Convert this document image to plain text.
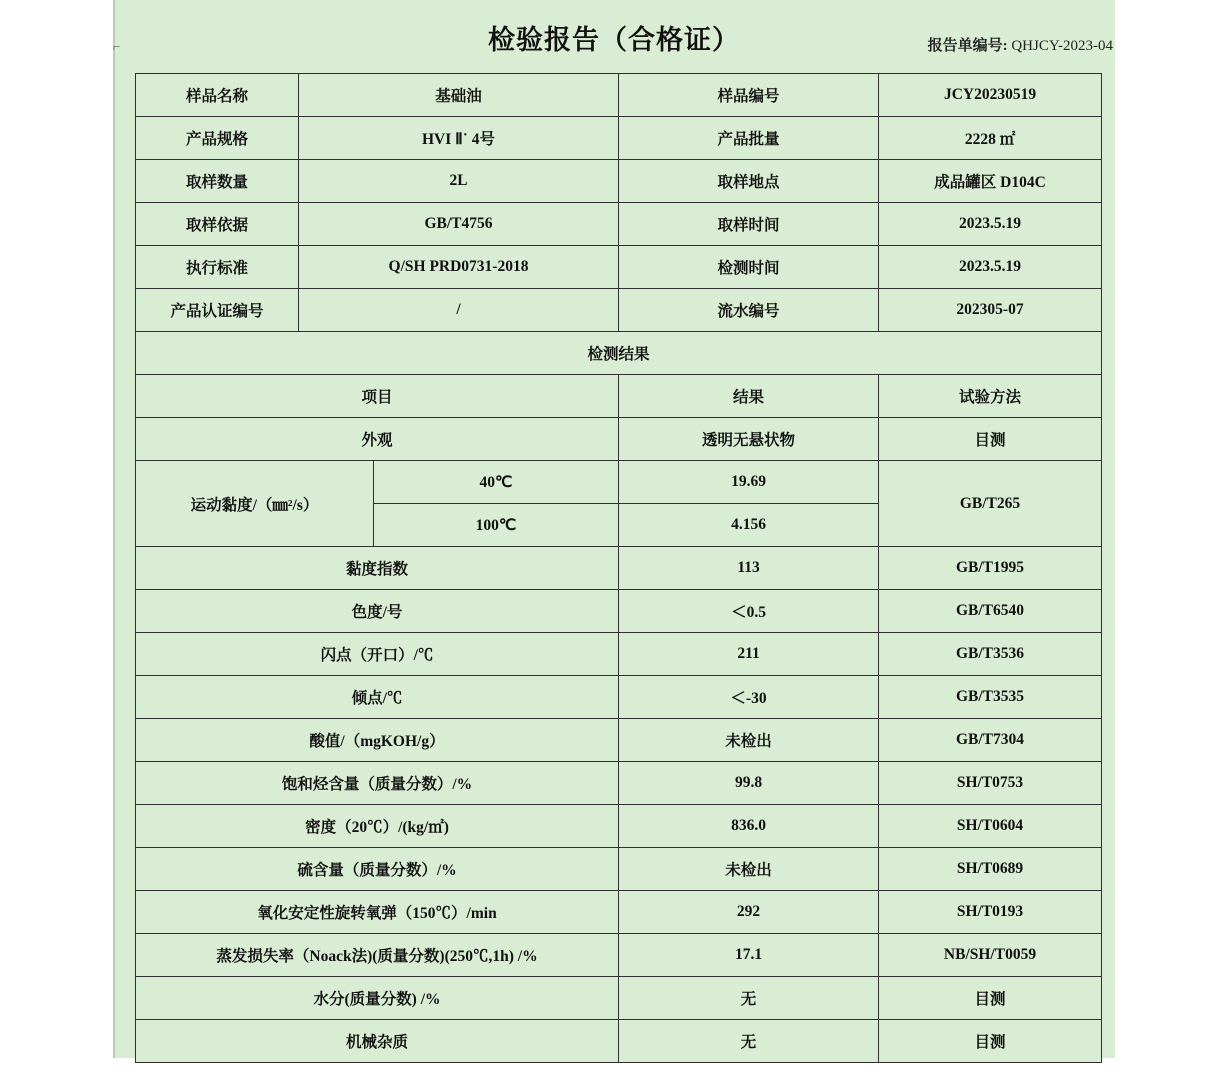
检验报告（合格证）	报告单编号: QHJCY-2023-04
样品名称	基础油		样品编号	JCY20230519
产品规格	HVI Ⅱ˙ 4号		产品批量	2228 ㎡
取样数量	2L		取样地点	成品罐区 D104C
取样依据	GB/T4756		取样时间	2023.5.19
执行标准	Q/SH PRD0731-2018		检测时间	2023.5.19
产品认证编号	/		流水编号	202305-07
检测结果				
项目			结果	试验方法
外观			透明无悬状物	目测
运动黏度/（㎜²/s）		40℃	19.69	GB/T265
		100℃	4.156	
黏度指数			113	GB/T1995
色度/号			＜0.5	GB/T6540
闪点（开口）/℃			211	GB/T3536
倾点/℃			＜-30	GB/T3535
酸值/（mgKOH/g）			未检出	GB/T7304
饱和烃含量（质量分数）/%			99.8	SH/T0753
密度（20℃）/(kg/㎡)			836.0	SH/T0604
硫含量（质量分数）/%			未检出	SH/T0689
氧化安定性旋转氧弹（150℃）/min			292	SH/T0193
蒸发损失率（Noack法)(质量分数)(250℃,1h) /%			17.1	NB/SH/T0059
水分(质量分数) /%			无	目测
机械杂质			无	目测
⌐
